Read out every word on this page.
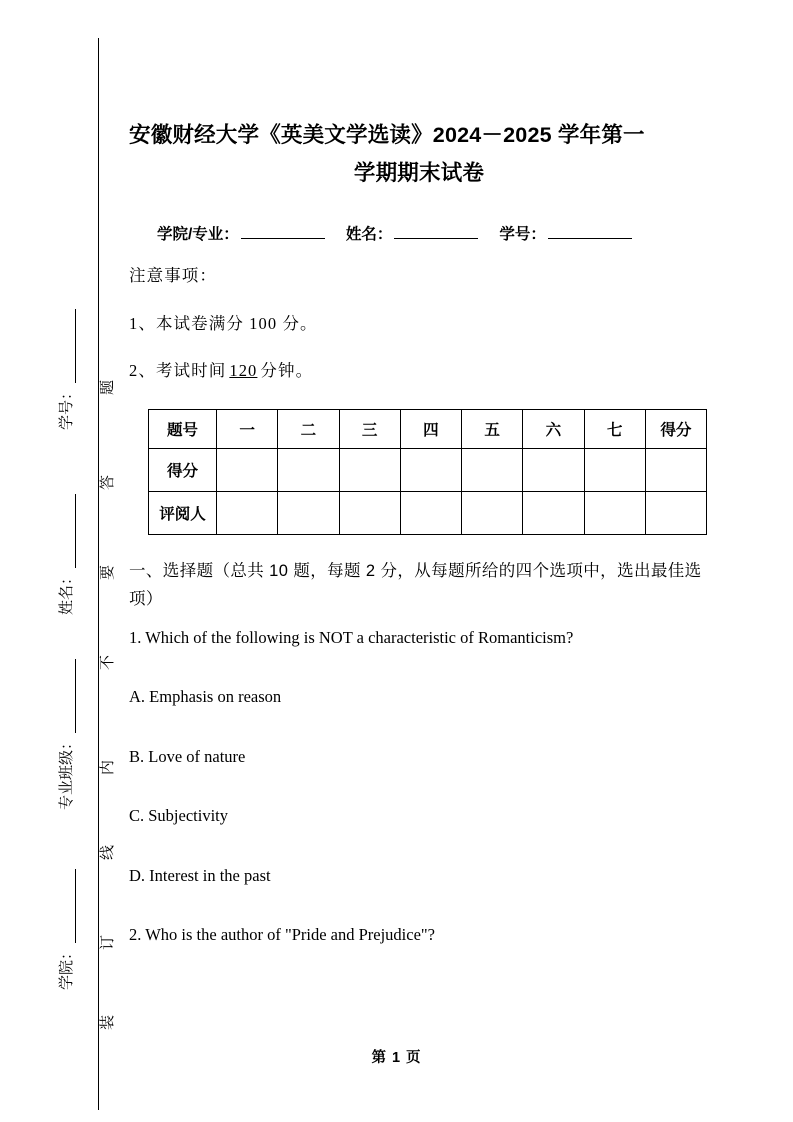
装
订
线
内
不
要
答
题
学院：
专业班级：
姓名：
学号：
安徽财经大学《英美文学选读》2024－2025 学年第一
学期期末试卷
学院/专业：	姓名：	学号：

注意事项：

1、本试卷满分 100 分。

2、考试时间 120 分钟。

题号	一	二	三	四	五	六	七	得分
得分								
评阅人								

一、选择题（总共 10 题，每题 2 分，从每题所给的四个选项中，选出最佳选项）

1. Which of the following is NOT a characteristic of Romanticism?

A. Emphasis on reason

B. Love of nature

C. Subjectivity

D. Interest in the past

2. Who is the author of "Pride and Prejudice"?

第 1 页
